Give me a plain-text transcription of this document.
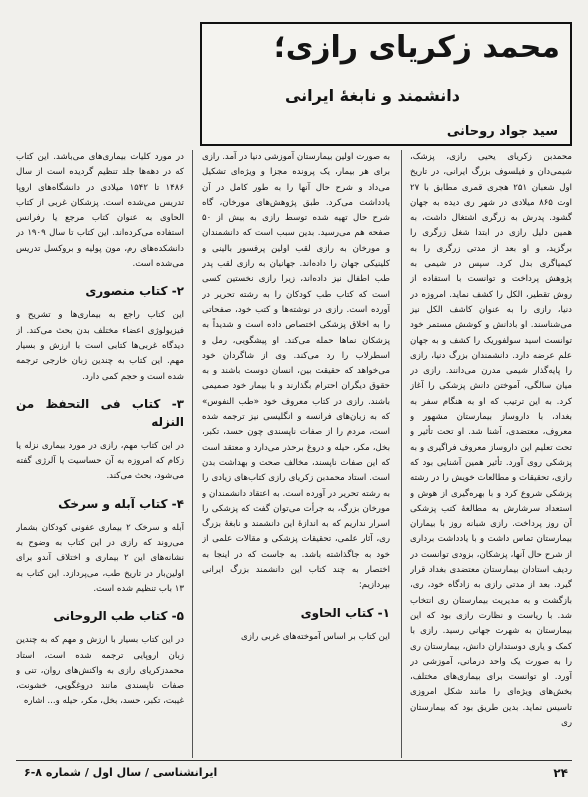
محمد زکریای رازی؛
دانشمند و نابغهٔ ایرانی
سید جواد روحانی

محمدبن زکریای یحیی رازی، پزشک، شیمی‌دان و فیلسوف بزرگ ایرانی، در تاریخ اول شعبان ۲۵۱ هجری قمری مطابق با ۲۷ اوت ۸۶۵ میلادی در شهر ری دیده به جهان گشود. پدرش به زرگری اشتغال داشت، به همین دلیل رازی در ابتدا شغل زرگری را برگزید، و او بعد از مدتی زرگری را به کیمیاگری بدل کرد. سپس در شیمی به پژوهش پرداخت و توانست با استفاده از روش تقطیر، الکل را کشف نماید. امروزه در دنیا، رازی را به عنوان کاشف الکل نیز می‌شناسند. او بادانش و کوشش مستمر خود توانست اسید سولفوریک را کشف و به جهان علم عرضه دارد. دانشمندان بزرگ دنیا، رازی را پایه‌گذار شیمی مدرن می‌دانند. رازی در میان سالگی، آموختن دانش پزشکی را آغاز کرد. به این ترتیب که او به هنگام سفر به بغداد، با داروساز بیمارستان مشهور و معروف، معتضدی، آشنا شد. او تحت تأثیر و تحت تعلیم این داروساز معروف فراگیری و به پزشکی روی آورد. تأثیر همین آشنایی بود که رازی، تحقیقات و مطالعات خویش را در رشته پزشکی شروع کرد و با بهره‌گیری از هوش و استعداد سرشارش به مطالعهٔ کتب پزشکی آن روز پرداخت. رازی شبانه روز با بیماران بیمارستان تماس داشت و با یادداشت برداری از شرح حال آنها، پزشکان، بزودی توانست در ردیف استادان بیمارستان معتضدی بغداد قرار گیرد. بعد از مدتی رازی به زادگاه خود، ری، بازگشت و به مدیریت بیمارستان ری انتخاب شد. با ریاست و نظارت رازی بود که این بیمارستان به شهرت جهانی رسید. رازی با کمک و یاری دوستداران دانش، بیمارستان ری را به صورت یک واحد درمانی، آموزشی در آورد. او توانست برای بیماری‌های مختلف، بخش‌های ویژه‌ای را مانند شکل امروزی تاسیس نماید. بدین طریق بود که بیمارستان ری

به صورت اولین بیمارستان آموزشی دنیا در آمد. رازی برای هر بیمار، یک پرونده مجزا و ویژه‌ای تشکیل می‌داد و شرح حال آنها را به طور کامل در آن یادداشت می‌کرد. طبق پژوهش‌های مورخان، گاه شرح حال تهیه شده توسط رازی به بیش از ۵۰ صفحه هم می‌رسید. بدین سبب است که دانشمندان و مورخان به رازی لقب اولین پرفسور بالینی و کلینیکی جهان را داده‌اند. جهانیان به رازی لقب پدر طب اطفال نیز داده‌اند، زیرا رازی نخستین کسی است که کتاب طب کودکان را به رشته تحریر در آورده است. رازی در نوشته‌ها و کتب خود، صفحاتی را به اخلاق پزشکی اختصاص داده است و شدیداً به پزشکان نماها حمله می‌کند. او پیشگویی، رمل و اسطرلاب را رد می‌کند. وی از شاگردان خود می‌خواهد که حقیقت بین، انسان دوست باشند و به حقوق دیگران احترام بگذارند و با بیمار خود صمیمی باشند. رازی در کتاب معروف خود «طب النفوس» که به زبان‌های فرانسه و انگلیسی نیز ترجمه شده است، مردم را از صفات ناپسندی چون حسد، تکبر، بخل، مکر، حیله و دروغ برحذر می‌دارد و معتقد است که این صفات ناپسند، مخالف صحت و بهداشت بدن است. استاد محمدبن زکریای رازی کتاب‌های زیادی را به رشته تحریر در آورده است. به اعتقاد دانشمندان و مورخان بزرگ، به جرأت می‌توان گفت که پزشکی را اسرار نداریم که به اندازهٔ این دانشمند و نابغهٔ بزرگ ری، آثار علمی، تحقیقات پزشکی و مقالات علمی از خود به جاگذاشته باشد. به جاست که در اینجا به اختصار به چند کتاب این دانشمند بزرگ ایرانی بپردازیم:

۱- کتاب الحاوی

این کتاب بر اساس آموخته‌های غربی رازی

در مورد کلیات بیماری‌های می‌باشد. این کتاب که در دهه‌ها جلد تنظیم گردیده است از سال ۱۴۸۶ تا ۱۵۴۲ میلادی در دانشگاه‌های اروپا تدریس می‌شده است. پزشکان غربی از کتاب الحاوی به عنوان کتاب مرجع یا رفرانس استفاده می‌کرده‌اند. این کتاب تا سال ۱۹۰۹ در دانشکده‌های رم، مون پولیه و بروکسل تدریس می‌شده است.

۲- کتاب منصوری

این کتاب راجع به بیماری‌ها و تشریح و فیزیولوژی اعضاء مختلف بدن بحث می‌کند. از دیدگاه غربی‌ها کتابی است با ارزش و بسیار مهم. این کتاب به چندین زبان خارجی ترجمه شده است و حجم کمی دارد.

۳- کتاب فی التحفظ من النزله

در این کتاب مهم، رازی در مورد بیماری نزله یا زکام که امروزه به آن حساسیت یا آلرژی گفته می‌شود، بحث می‌کند.

۴- کتاب آبله و سرخک

آبله و سرخک ۲ بیماری عفونی کودکان بشمار می‌روند که رازی در این کتاب به وضوح به نشانه‌های این ۲ بیماری و اختلاف آندو برای اولین‌بار در تاریخ طب، می‌پردازد. این کتاب به ۱۳ باب تنظیم شده است.

۵- کتاب طب الروحانی

در این کتاب بسیار با ارزش و مهم که به چندین زبان اروپایی ترجمه شده است، استاد محمدزکریای رازی به واکنش‌های روان، تنی و صفات ناپسندی مانند دروغگویی، خشونت، غیبت، تکبر، حسد، بخل، مکر، حیله و... اشاره

۲۴
ایرانشناسی / سال اول / شماره ۸-۶
